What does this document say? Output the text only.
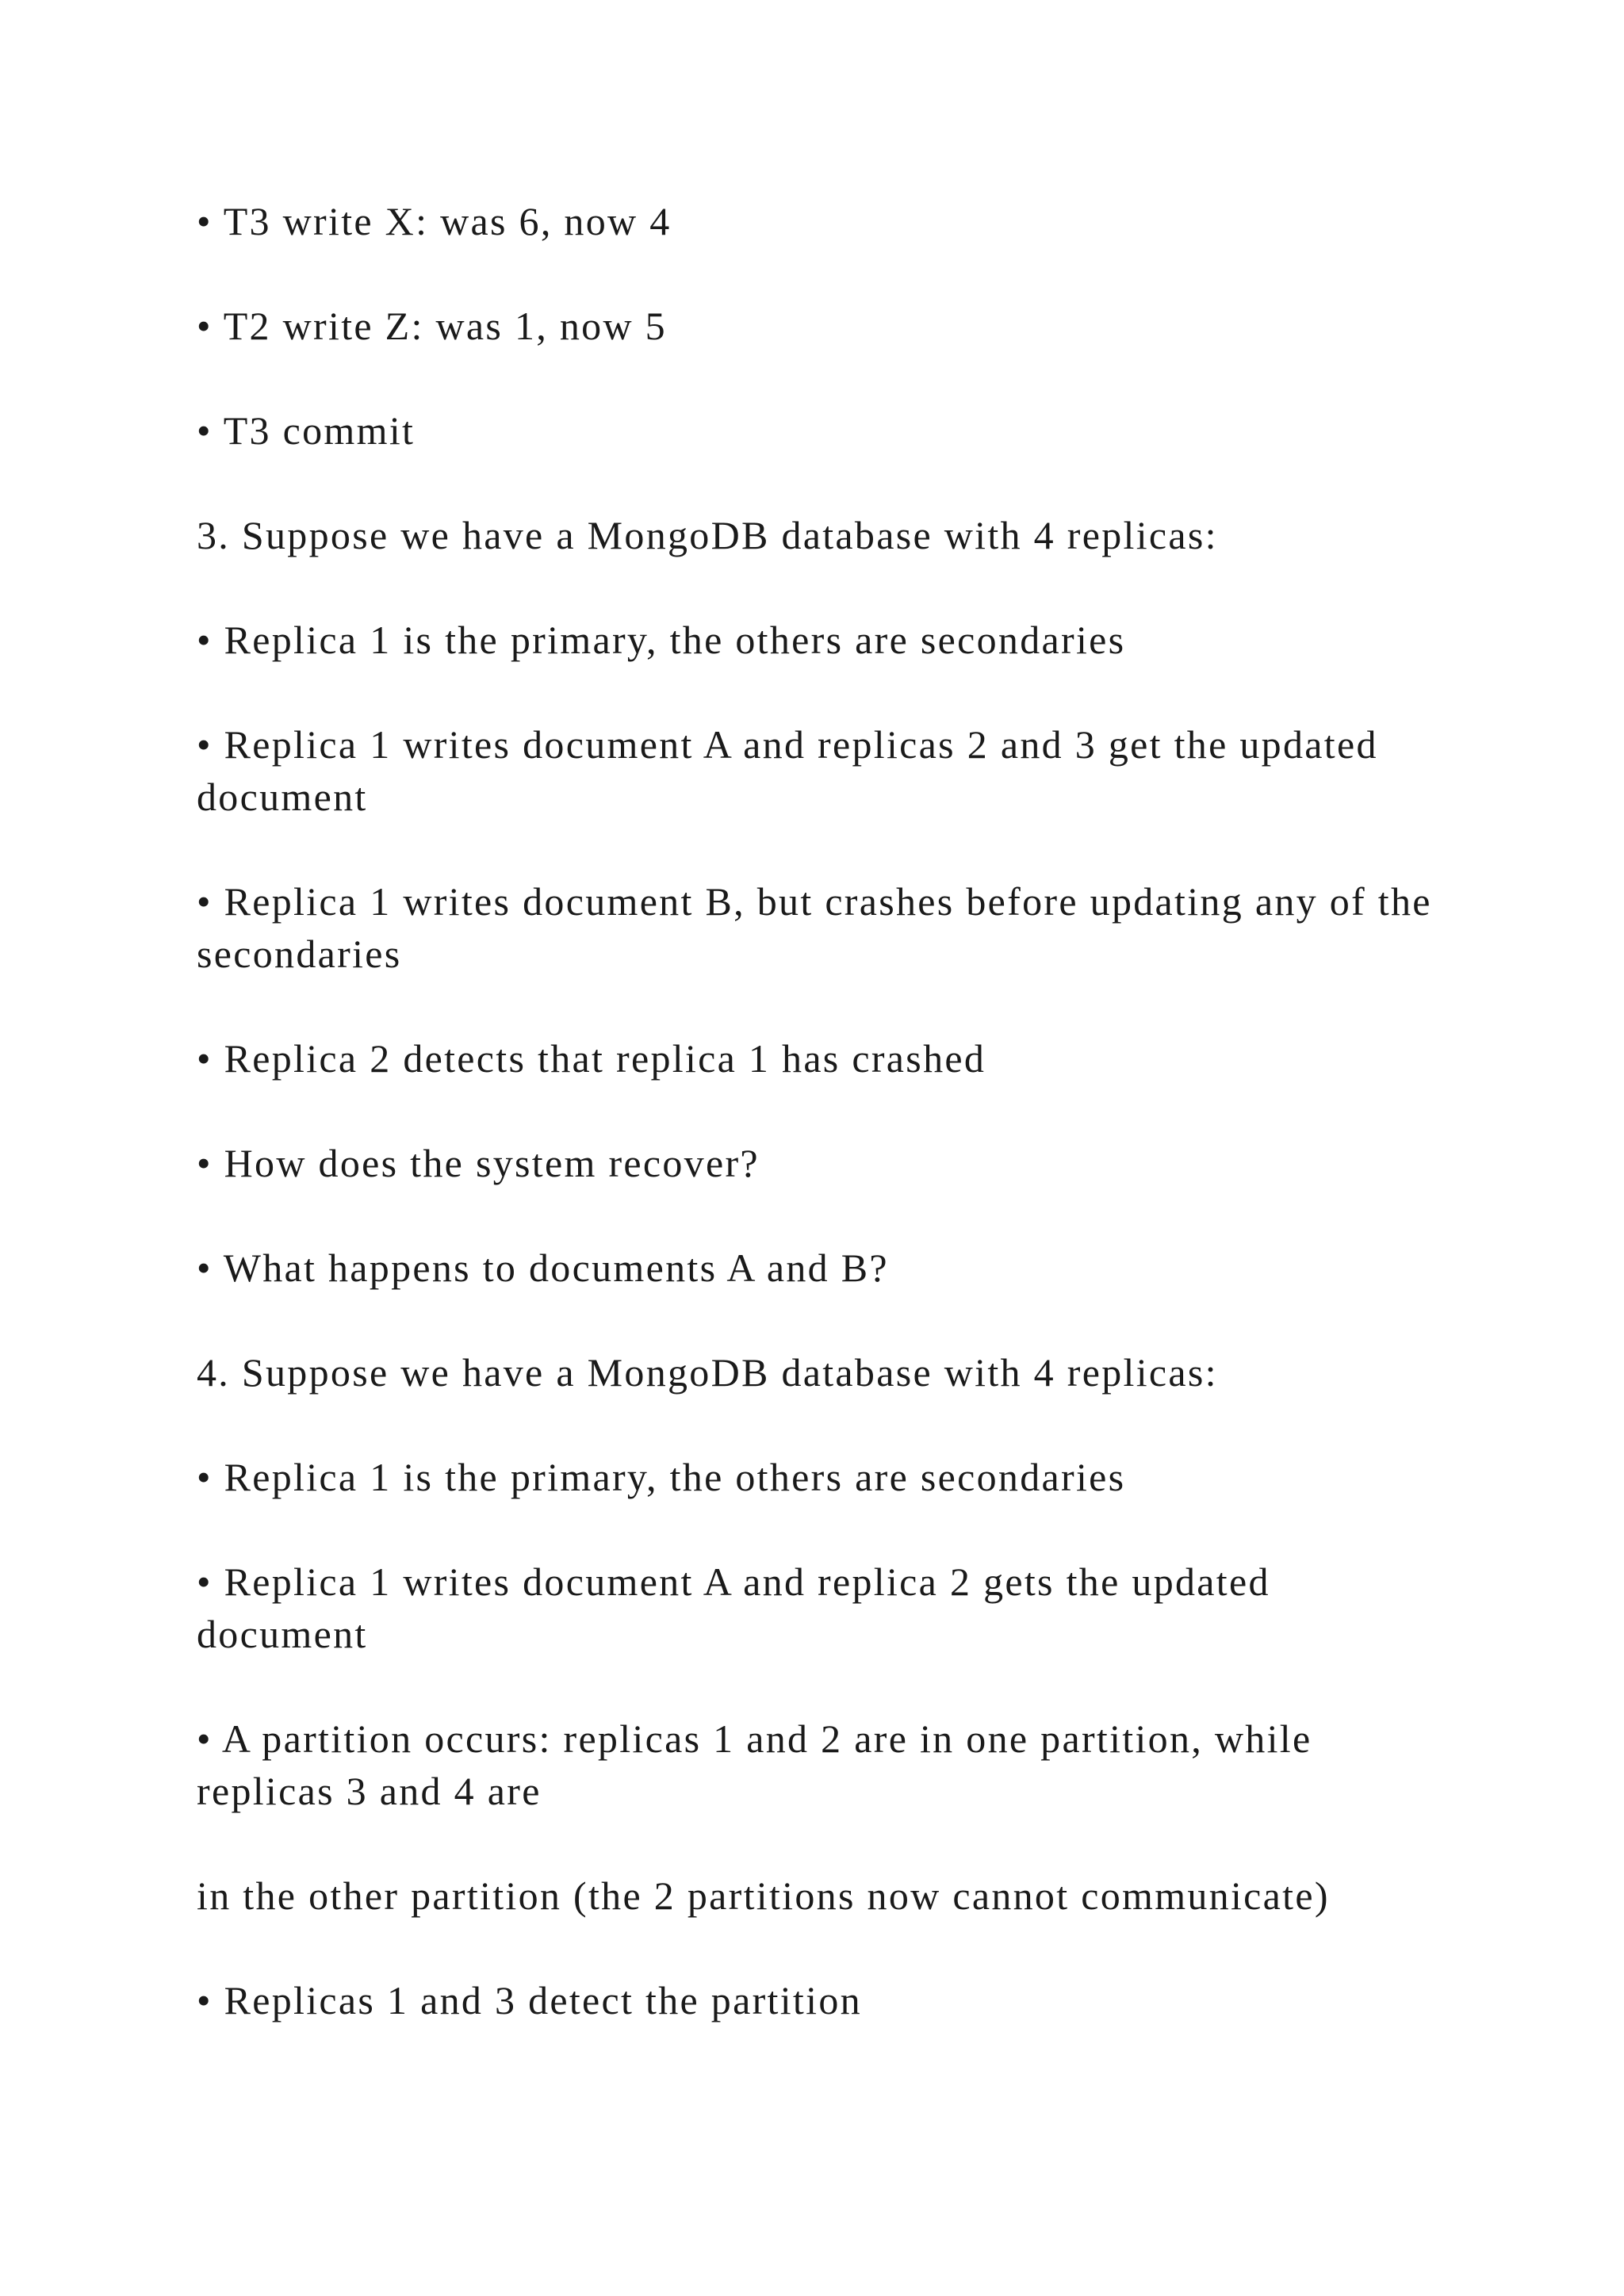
• T3 write X: was 6, now 4

• T2 write Z: was 1, now 5

• T3 commit

3. Suppose we have a MongoDB database with 4 replicas:

• Replica 1 is the primary, the others are secondaries

• Replica 1 writes document A and replicas 2 and 3 get the updated document

• Replica 1 writes document B, but crashes before updating any of the secondaries

• Replica 2 detects that replica 1 has crashed

• How does the system recover?

• What happens to documents A and B?

4. Suppose we have a MongoDB database with 4 replicas:

• Replica 1 is the primary, the others are secondaries

• Replica 1 writes document A and replica 2 gets the updated document

• A partition occurs: replicas 1 and 2 are in one partition, while replicas 3 and 4 are

in the other partition (the 2 partitions now cannot communicate)

• Replicas 1 and 3 detect the partition
